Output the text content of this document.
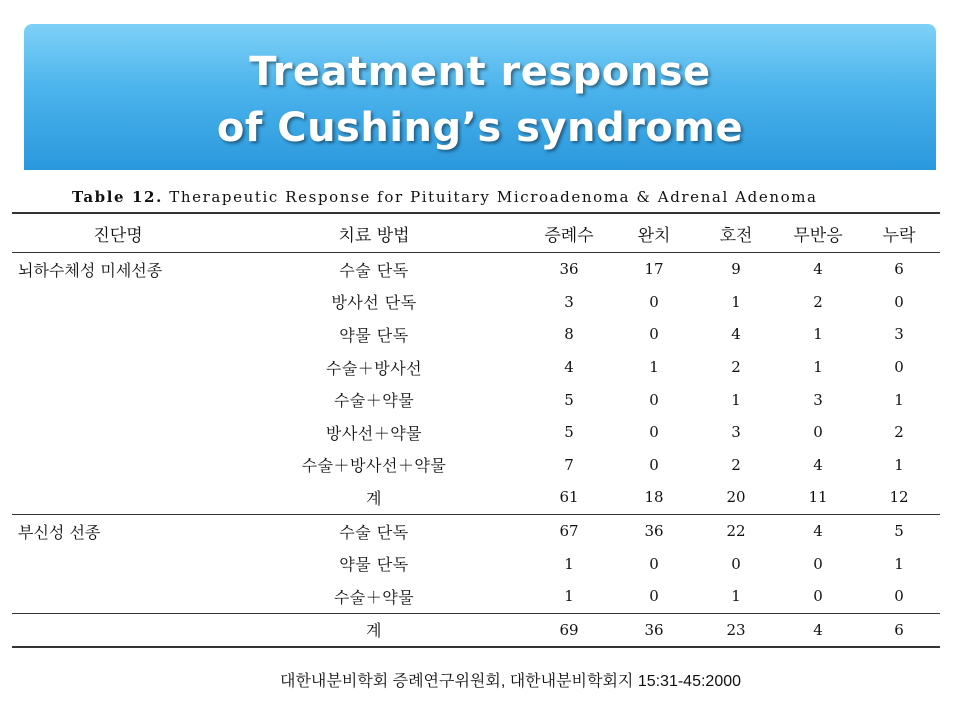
Treatment response
of Cushing’s syndrome
Table 12. Therapeutic Response for Pituitary Microadenoma & Adrenal Adenoma
진단명	치료 방법	증례수	완치	호전	무반응	누락
뇌하수체성 미세선종	수술 단독	36	17	9	4	6
	방사선 단독	3	0	1	2	0
	약물 단독	8	0	4	1	3
	수술＋방사선	4	1	2	1	0
	수술＋약물	5	0	1	3	1
	방사선＋약물	5	0	3	0	2
	수술＋방사선＋약물	7	0	2	4	1
	계	61	18	20	11	12
부신성 선종	수술 단독	67	36	22	4	5
	약물 단독	1	0	0	0	1
	수술＋약물	1	0	1	0	0
	계	69	36	23	4	6
대한내분비학회 증례연구위원회, 대한내분비학회지 15:31-45:2000
